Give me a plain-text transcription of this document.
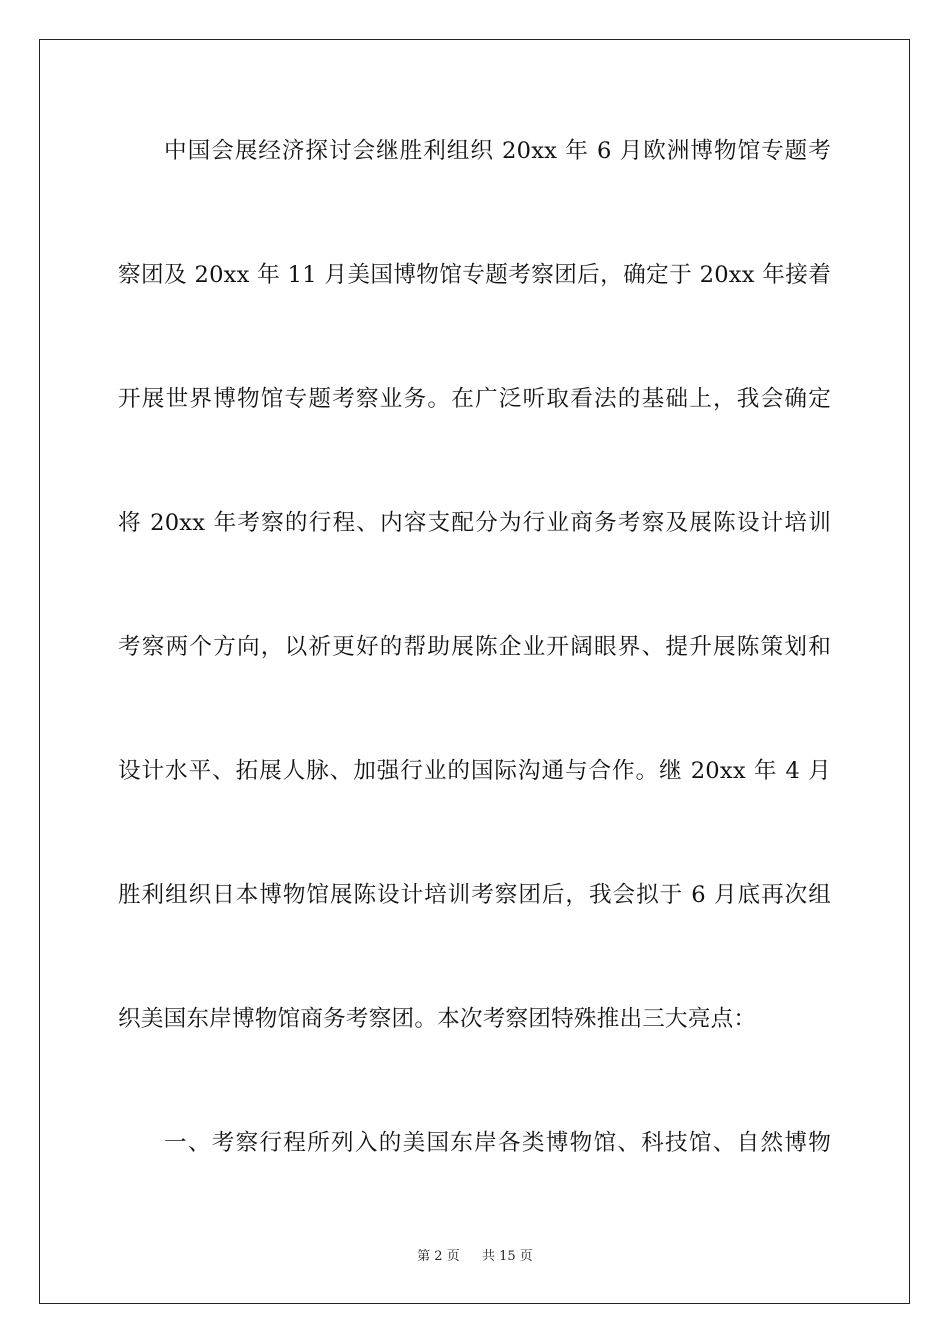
中国会展经济探讨会继胜利组织 20xx 年 6 月欧洲博物馆专题考
察团及 20xx 年 11 月美国博物馆专题考察团后，确定于 20xx 年接着
开展世界博物馆专题考察业务。在广泛听取看法的基础上，我会确定
将 20xx 年考察的行程、内容支配分为行业商务考察及展陈设计培训
考察两个方向，以祈更好的帮助展陈企业开阔眼界、提升展陈策划和
设计水平、拓展人脉、加强行业的国际沟通与合作。继 20xx 年 4 月
胜利组织日本博物馆展陈设计培训考察团后，我会拟于 6 月底再次组
织美国东岸博物馆商务考察团。本次考察团特殊推出三大亮点：
一、考察行程所列入的美国东岸各类博物馆、科技馆、自然博物
第 2 页 共 15 页
